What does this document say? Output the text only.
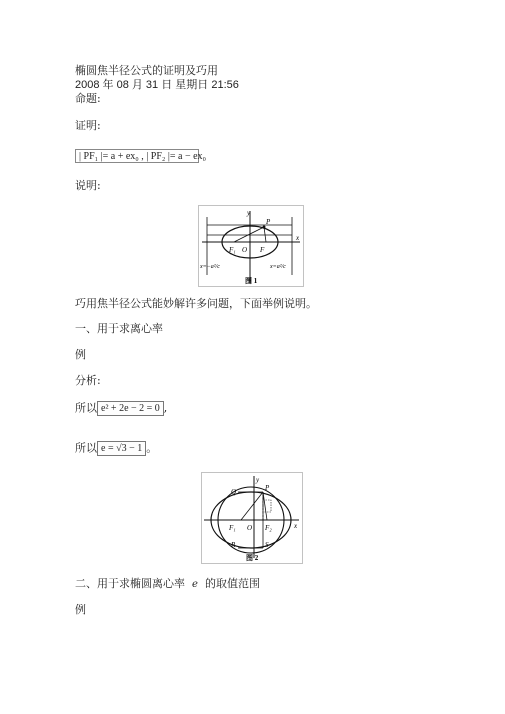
椭圆焦半径公式的证明及巧用
2008 年 08 月 31 日 星期日 21:56
命题:
证明:
| PF₁ |= a + ex₀ , | PF₂ |= a − ex₀
说明:
y
x
P
F₁ O F
x=−a²/c	x=a²/c
图 1
巧用焦半径公式能妙解许多问题，下面举例说明。
一、用于求离心率
例
分析:
所以 e² + 2e − 2 = 0 ,
所以 e = √3 − 1 。
Q
y
P
F₁ O F₂	x
R	S
图 2
二、用于求椭圆离心率 e 的取值范围
例
